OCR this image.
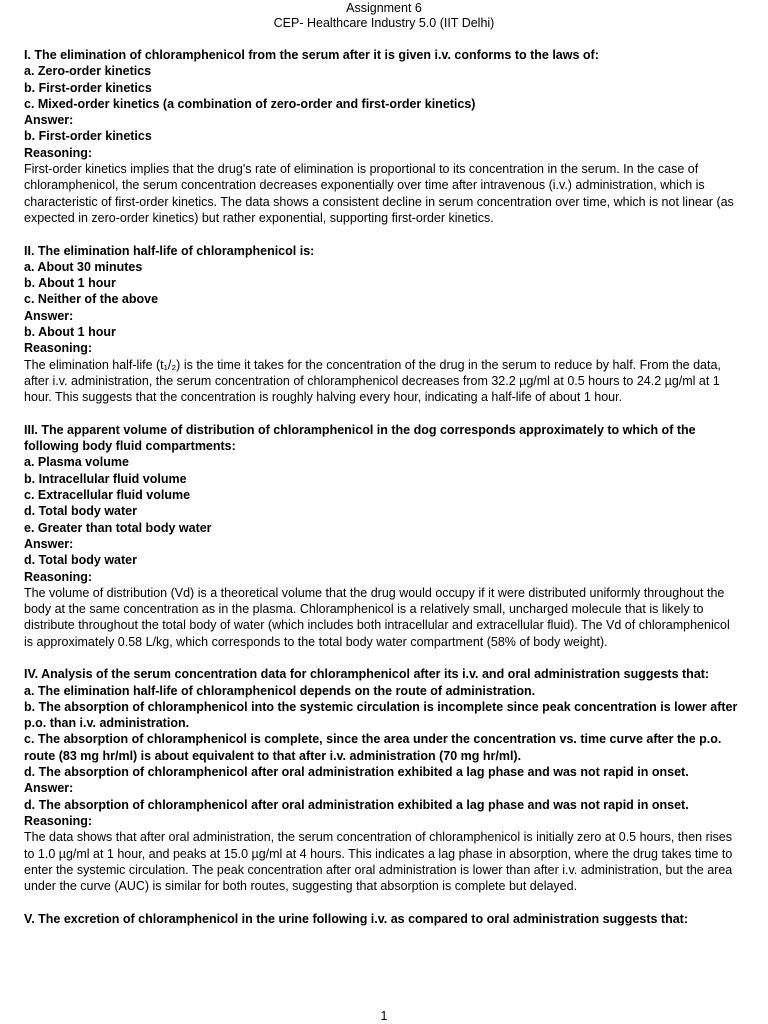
Assignment 6
CEP- Healthcare Industry 5.0 (IIT Delhi)
I. The elimination of chloramphenicol from the serum after it is given i.v. conforms to the laws of:
a. Zero-order kinetics
b. First-order kinetics
c. Mixed-order kinetics (a combination of zero-order and first-order kinetics)
Answer:
b. First-order kinetics
Reasoning:

First-order kinetics implies that the drug's rate of elimination is proportional to its concentration in the serum. In the case of chloramphenicol, the serum concentration decreases exponentially over time after intravenous (i.v.) administration, which is characteristic of first-order kinetics. The data shows a consistent decline in serum concentration over time, which is not linear (as expected in zero-order kinetics) but rather exponential, supporting first-order kinetics.

II. The elimination half-life of chloramphenicol is:
a. About 30 minutes
b. About 1 hour
c. Neither of the above
Answer:
b. About 1 hour
Reasoning:

The elimination half-life (t₁/₂) is the time it takes for the concentration of the drug in the serum to reduce by half. From the data, after i.v. administration, the serum concentration of chloramphenicol decreases from 32.2 µg/ml at 0.5 hours to 24.2 µg/ml at 1 hour. This suggests that the concentration is roughly halving every hour, indicating a half-life of about 1 hour.

III. The apparent volume of distribution of chloramphenicol in the dog corresponds approximately to which of the following body fluid compartments:

a. Plasma volume
b. Intracellular fluid volume
c. Extracellular fluid volume
d. Total body water
e. Greater than total body water
Answer:
d. Total body water
Reasoning:

The volume of distribution (Vd) is a theoretical volume that the drug would occupy if it were distributed uniformly throughout the body at the same concentration as in the plasma. Chloramphenicol is a relatively small, uncharged molecule that is likely to distribute throughout the total body of water (which includes both intracellular and extracellular fluid). The Vd of chloramphenicol is approximately 0.58 L/kg, which corresponds to the total body water compartment (58% of body weight).

IV. Analysis of the serum concentration data for chloramphenicol after its i.v. and oral administration suggests that:
a. The elimination half-life of chloramphenicol depends on the route of administration.

b. The absorption of chloramphenicol into the systemic circulation is incomplete since peak concentration is lower after p.o. than i.v. administration.

c. The absorption of chloramphenicol is complete, since the area under the concentration vs. time curve after the p.o. route (83 mg hr/ml) is about equivalent to that after i.v. administration (70 mg hr/ml).

d. The absorption of chloramphenicol after oral administration exhibited a lag phase and was not rapid in onset.
Answer:
d. The absorption of chloramphenicol after oral administration exhibited a lag phase and was not rapid in onset.
Reasoning:

The data shows that after oral administration, the serum concentration of chloramphenicol is initially zero at 0.5 hours, then rises to 1.0 µg/ml at 1 hour, and peaks at 15.0 µg/ml at 4 hours. This indicates a lag phase in absorption, where the drug takes time to enter the systemic circulation. The peak concentration after oral administration is lower than after i.v. administration, but the area under the curve (AUC) is similar for both routes, suggesting that absorption is complete but delayed.

V. The excretion of chloramphenicol in the urine following i.v. as compared to oral administration suggests that:
1
